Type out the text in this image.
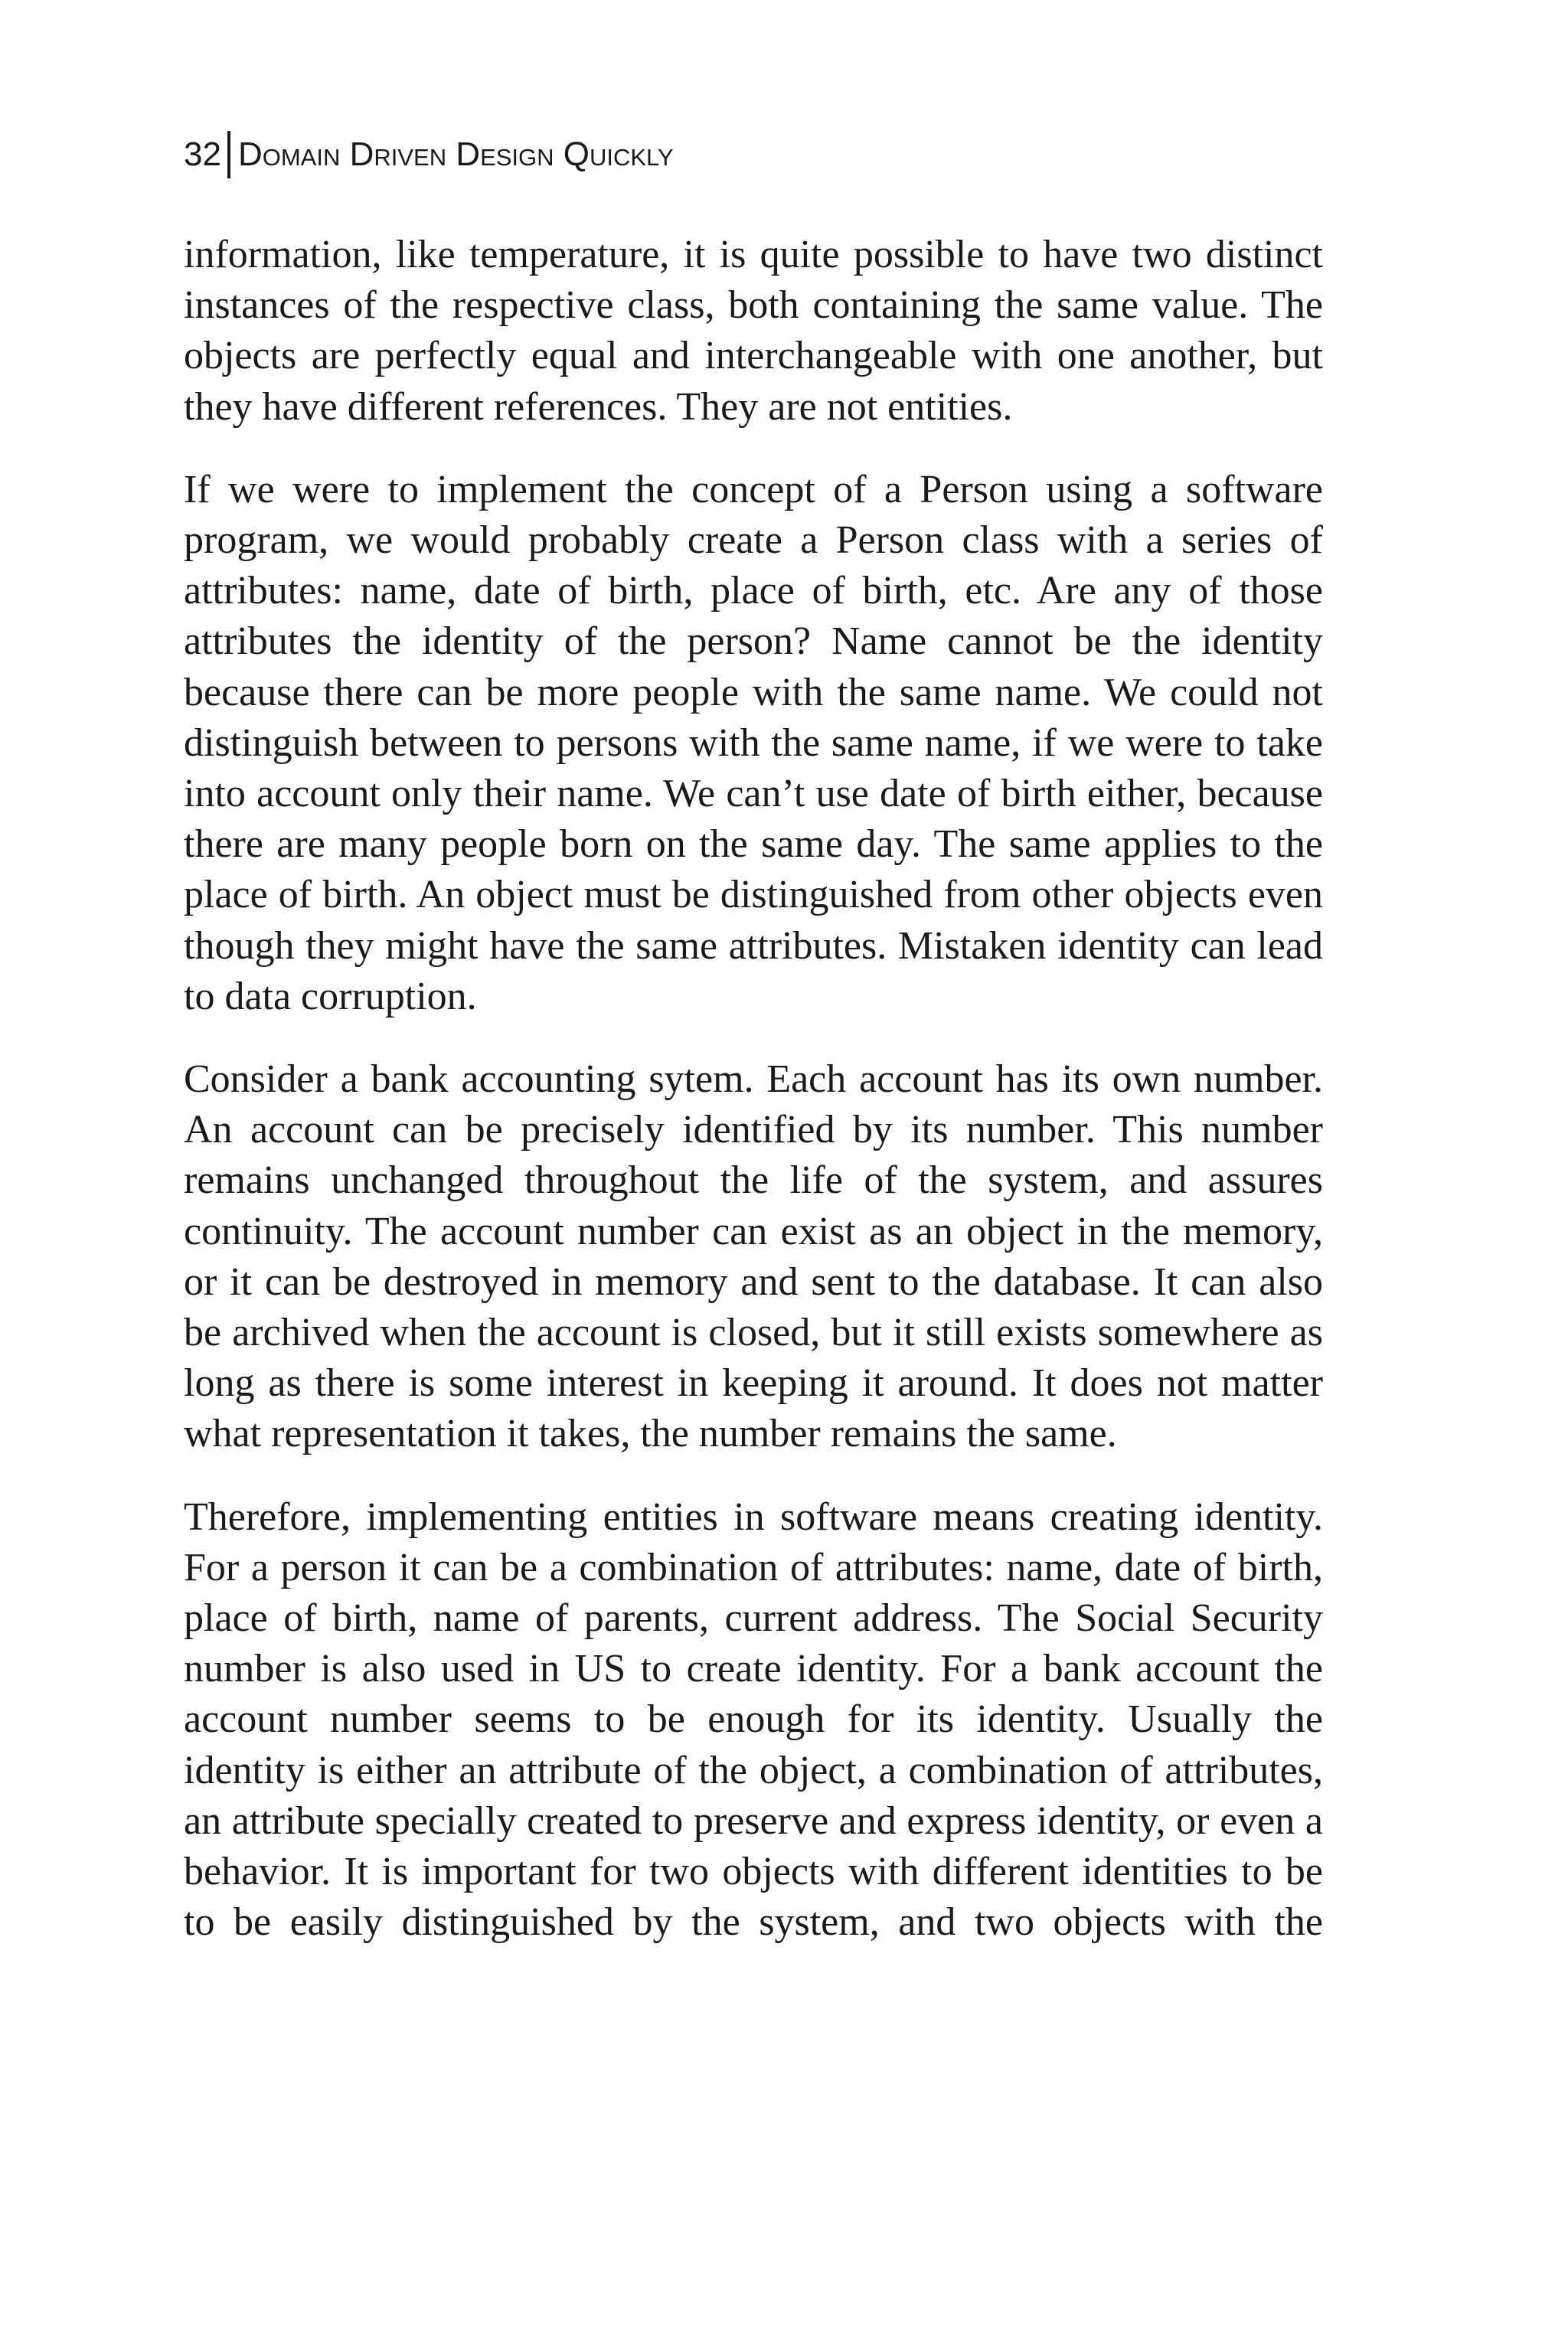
32 Domain Driven Design Quickly

information, like temperature, it is quite possible to have two distinct instances of the respective class, both containing the same value. The objects are perfectly equal and interchangeable with one another, but they have different references. They are not entities.

If we were to implement the concept of a Person using a software program, we would probably create a Person class with a series of attributes: name, date of birth, place of birth, etc. Are any of those attributes the identity of the person? Name cannot be the identity because there can be more people with the same name. We could not distinguish between to persons with the same name, if we were to take into account only their name. We can’t use date of birth either, because there are many people born on the same day. The same applies to the place of birth. An object must be distinguished from other objects even though they might have the same attributes. Mistaken identity can lead to data corruption.

Consider a bank accounting sytem. Each account has its own number. An account can be precisely identified by its number. This number remains unchanged throughout the life of the system, and assures continuity. The account number can exist as an object in the memory, or it can be destroyed in memory and sent to the database. It can also be archived when the account is closed, but it still exists somewhere as long as there is some interest in keeping it around. It does not matter what representation it takes, the number remains the same.

Therefore, implementing entities in software means creating identity. For a person it can be a combination of attributes: name, date of birth, place of birth, name of parents, current address. The Social Security number is also used in US to create identity. For a bank account the account number seems to be enough for its identity. Usually the identity is either an attribute of the object, a combination of attributes, an attribute specially created to preserve and express identity, or even a behavior. It is important for two objects with different identities to be to be easily distinguished by the system, and two objects with the
